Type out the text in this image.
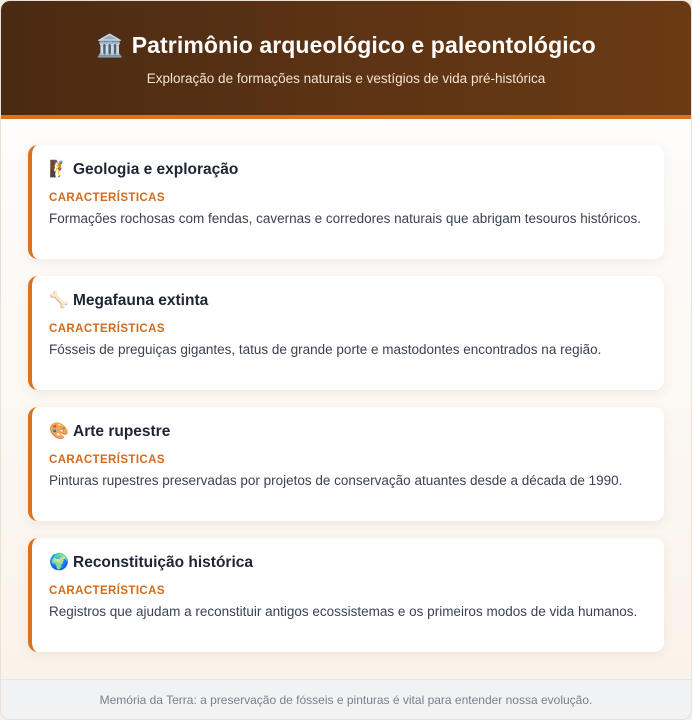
🏛️ Patrimônio arqueológico e paleontológico

Exploração de formações naturais e vestígios de vida pré-histórica

🧗 Geologia e exploração
CARACTERÍSTICAS

Formações rochosas com fendas, cavernas e corredores naturais que abrigam tesouros históricos.

🦴 Megafauna extinta
CARACTERÍSTICAS

Fósseis de preguiças gigantes, tatus de grande porte e mastodontes encontrados na região.

🎨 Arte rupestre
CARACTERÍSTICAS

Pinturas rupestres preservadas por projetos de conservação atuantes desde a década de 1990.

🌍 Reconstituição histórica
CARACTERÍSTICAS

Registros que ajudam a reconstituir antigos ecossistemas e os primeiros modos de vida humanos.

Memória da Terra: a preservação de fósseis e pinturas é vital para entender nossa evolução.
